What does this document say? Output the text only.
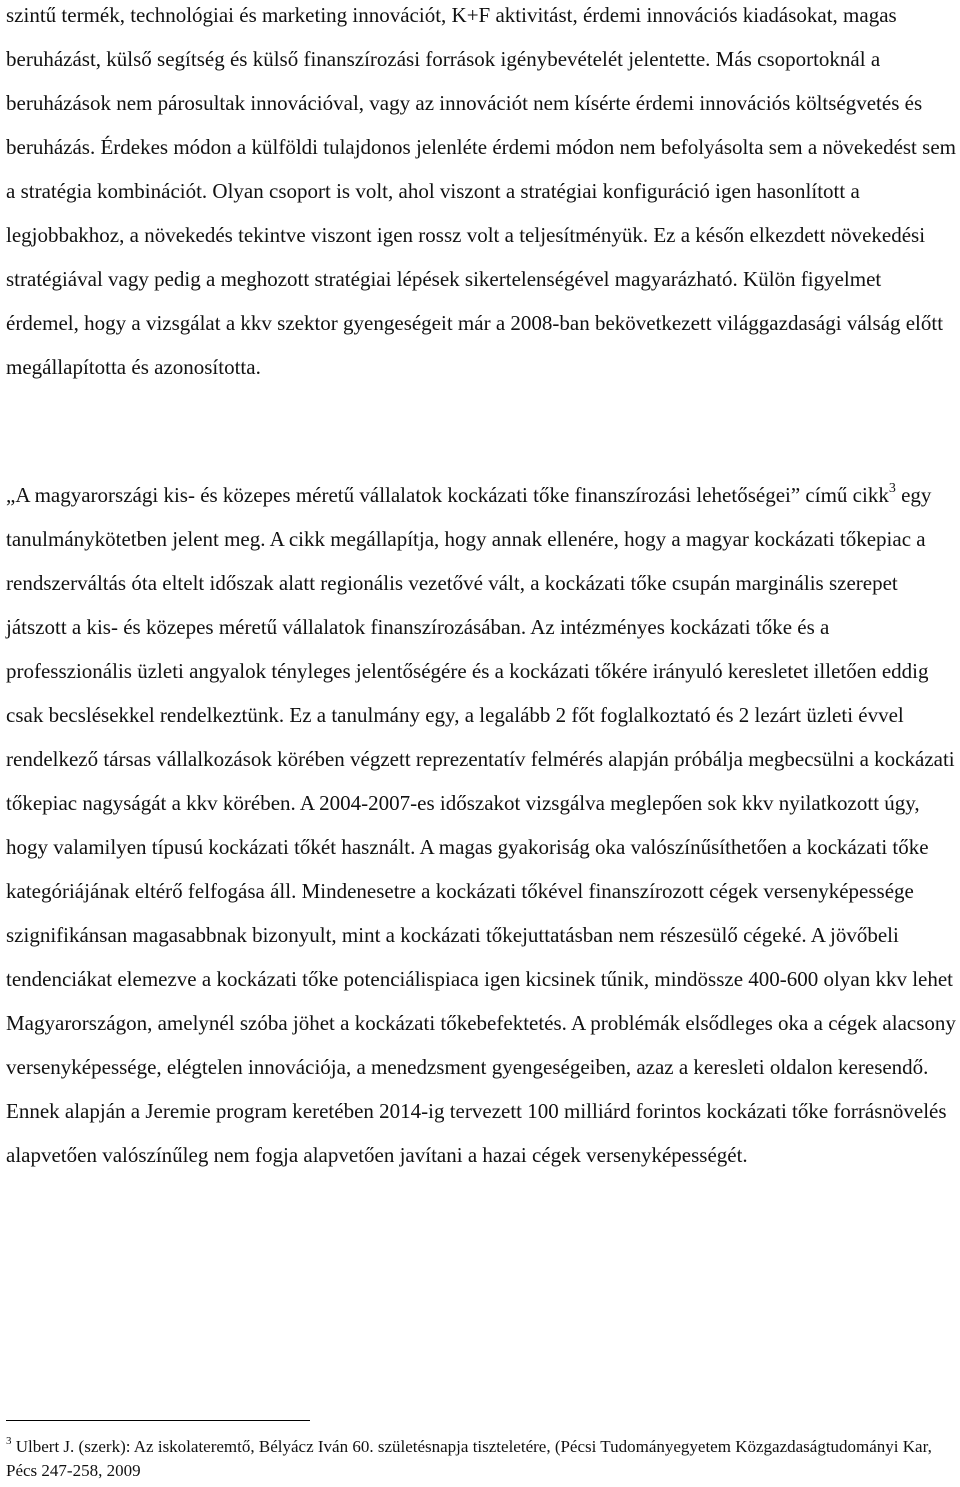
szintű termék, technológiai és marketing innovációt, K+F aktivitást, érdemi innovációs kiadásokat, magas beruházást, külső segítség és külső finanszírozási források igénybevételét jelentette. Más csoportoknál a beruházások nem párosultak innovációval, vagy az innovációt nem kísérte érdemi innovációs költségvetés és beruházás. Érdekes módon a külföldi tulajdonos jelenléte érdemi módon nem befolyásolta sem a növekedést sem a stratégia kombinációt. Olyan csoport is volt, ahol viszont a stratégiai konfiguráció igen hasonlított a legjobbakhoz, a növekedés tekintve viszont igen rossz volt a teljesítményük. Ez a későn elkezdett növekedési stratégiával vagy pedig a meghozott stratégiai lépések sikertelenségével magyarázható. Külön figyelmet érdemel, hogy a vizsgálat a kkv szektor gyengeségeit már a 2008-ban bekövetkezett világgazdasági válság előtt megállapította és azonosította.

„A magyarországi kis- és közepes méretű vállalatok kockázati tőke finanszírozási lehetőségei” című cikk$^3$ egy tanulmánykötetben jelent meg. A cikk megállapítja, hogy annak ellenére, hogy a magyar kockázati tőkepiac a rendszerváltás óta eltelt időszak alatt regionális vezetővé vált, a kockázati tőke csupán marginális szerepet játszott a kis- és közepes méretű vállalatok finanszírozásában. Az intézményes kockázati tőke és a professzionális üzleti angyalok tényleges jelentőségére és a kockázati tőkére irányuló keresletet illetően eddig csak becslésekkel rendelkeztünk. Ez a tanulmány egy, a legalább 2 főt foglalkoztató és 2 lezárt üzleti évvel rendelkező társas vállalkozások körében végzett reprezentatív felmérés alapján próbálja megbecsülni a kockázati tőkepiac nagyságát a kkv körében. A 2004-2007-es időszakot vizsgálva meglepően sok kkv nyilatkozott úgy, hogy valamilyen típusú kockázati tőkét használt. A magas gyakoriság oka valószínűsíthetően a kockázati tőke kategóriájának eltérő felfogása áll. Mindenesetre a kockázati tőkével finanszírozott cégek versenyképessége szignifikánsan magasabbnak bizonyult, mint a kockázati tőkejuttatásban nem részesülő cégeké. A jövőbeli tendenciákat elemezve a kockázati tőke potenciálispiaca igen kicsinek tűnik, mindössze 400-600 olyan kkv lehet Magyarországon, amelynél szóba jöhet a kockázati tőkebefektetés. A problémák elsődleges oka a cégek alacsony versenyképessége, elégtelen innovációja, a menedzsment gyengeségeiben, azaz a keresleti oldalon keresendő. Ennek alapján a Jeremie program keretében 2014-ig tervezett 100 milliárd forintos kockázati tőke forrásnövelés alapvetően valószínűleg nem fogja alapvetően javítani a hazai cégek versenyképességét.

$^3$ Ulbert J. (szerk): Az iskolateremtő, Bélyácz Iván 60. születésnapja tiszteletére, (Pécsi Tudományegyetem Közgazdaságtudományi Kar, Pécs 247-258, 2009
